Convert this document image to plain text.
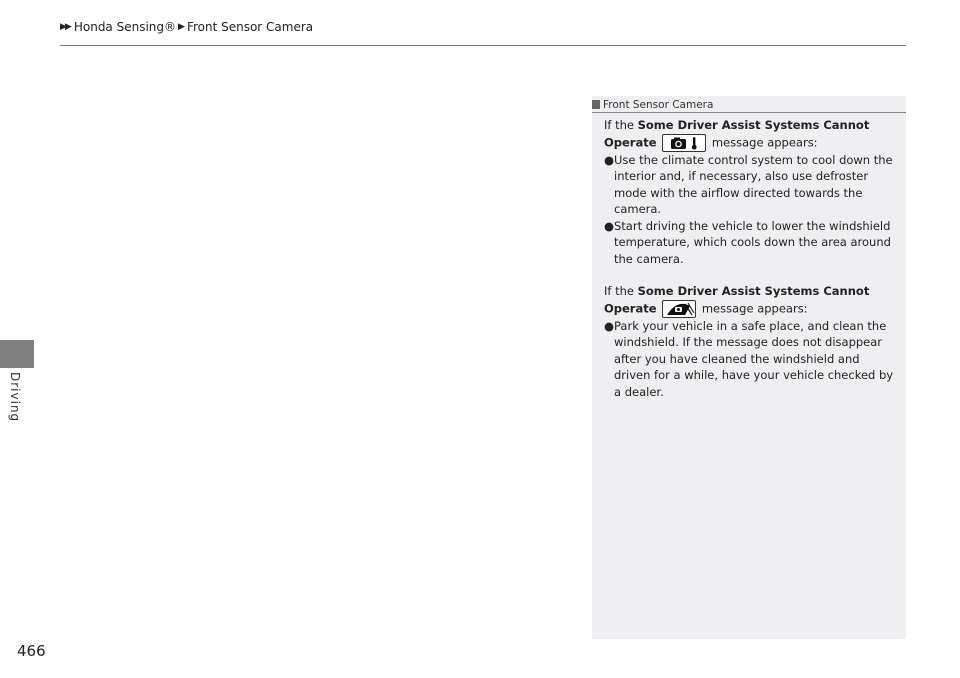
▶▶ Honda Sensing® ▶ Front Sensor Camera
Driving
466
Front Sensor Camera

If the Some Driver Assist Systems Cannot
Operate	message appears:

● Use the climate control system to cool down the interior and, if necessary, also use defroster mode with the airflow directed towards the camera.
● Start driving the vehicle to lower the windshield temperature, which cools down the area around the camera.

If the Some Driver Assist Systems Cannot
Operate	message appears:

● Park your vehicle in a safe place, and clean the windshield. If the message does not disappear after you have cleaned the windshield and driven for a while, have your vehicle checked by a dealer.
